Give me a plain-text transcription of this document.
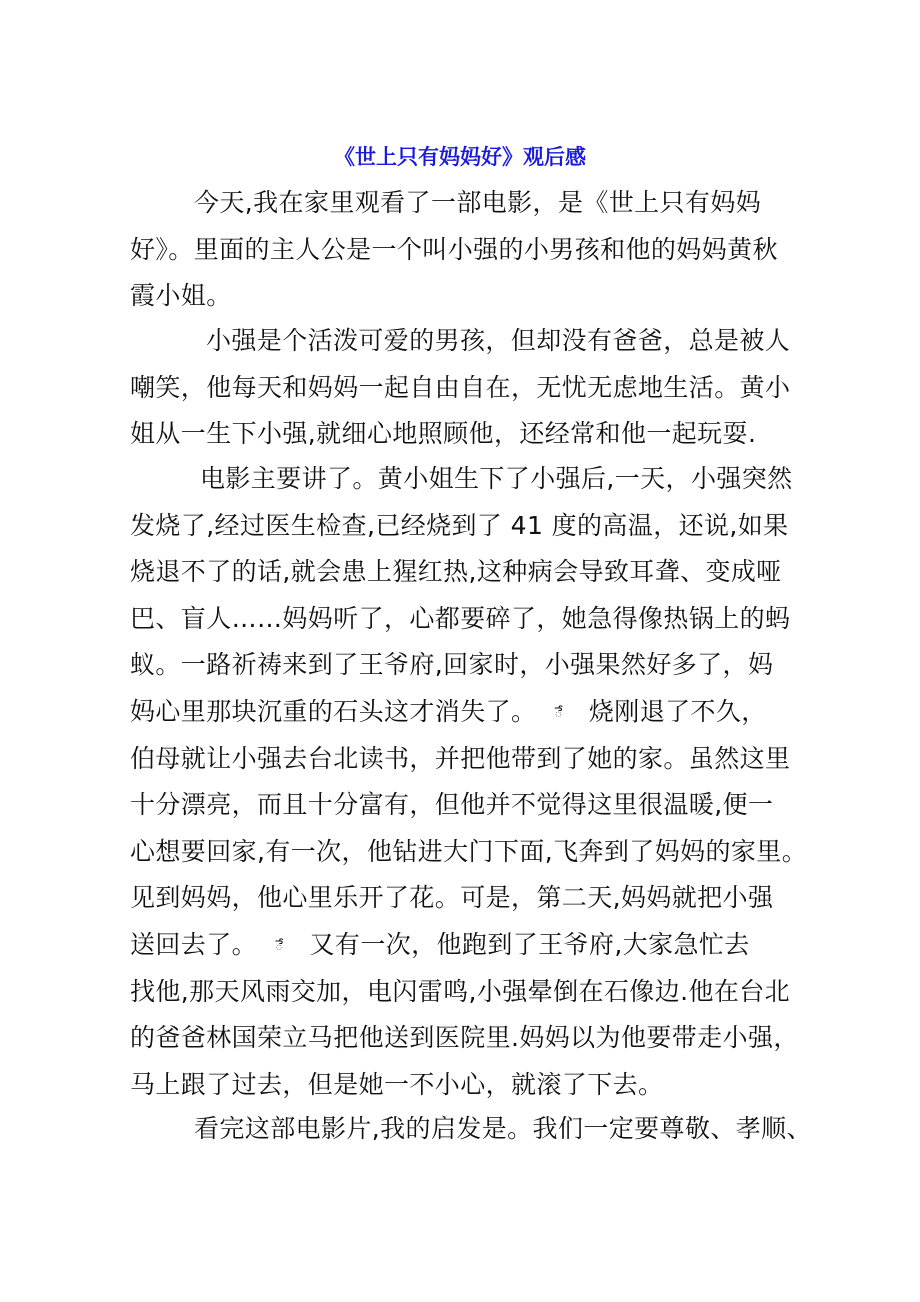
《世上只有妈妈好》观后感
今天,我在家里观看了一部电影，是《世上只有妈妈
好》。里面的主人公是一个叫小强的小男孩和他的妈妈黄秋
霞小姐。
小强是个活泼可爱的男孩，但却没有爸爸，总是被人
嘲笑，他每天和妈妈一起自由自在，无忧无虑地生活。黄小
姐从一生下小强,就细心地照顾他，还经常和他一起玩耍.
电影主要讲了。黄小姐生下了小强后,一天，小强突然
发烧了,经过医生检查,已经烧到了 41 度的高温，还说,如果
烧退不了的话,就会患上猩红热,这种病会导致耳聋、变成哑
巴、盲人……妈妈听了，心都要碎了，她急得像热锅上的蚂
蚁。一路祈祷来到了王爷府,回家时，小强果然好多了，妈
妈心里那块沉重的石头这才消失了。 ే 烧刚退了不久，
伯母就让小强去台北读书，并把他带到了她的家。虽然这里
十分漂亮，而且十分富有，但他并不觉得这里很温暖,便一
心想要回家,有一次，他钻进大门下面,飞奔到了妈妈的家里。
见到妈妈，他心里乐开了花。可是，第二天,妈妈就把小强
送回去了。 ే 又有一次，他跑到了王爷府,大家急忙去
找他,那天风雨交加，电闪雷鸣,小强晕倒在石像边.他在台北
的爸爸林国荣立马把他送到医院里.妈妈以为他要带走小强，
马上跟了过去，但是她一不小心，就滚了下去。
看完这部电影片,我的启发是。我们一定要尊敬、孝顺、
